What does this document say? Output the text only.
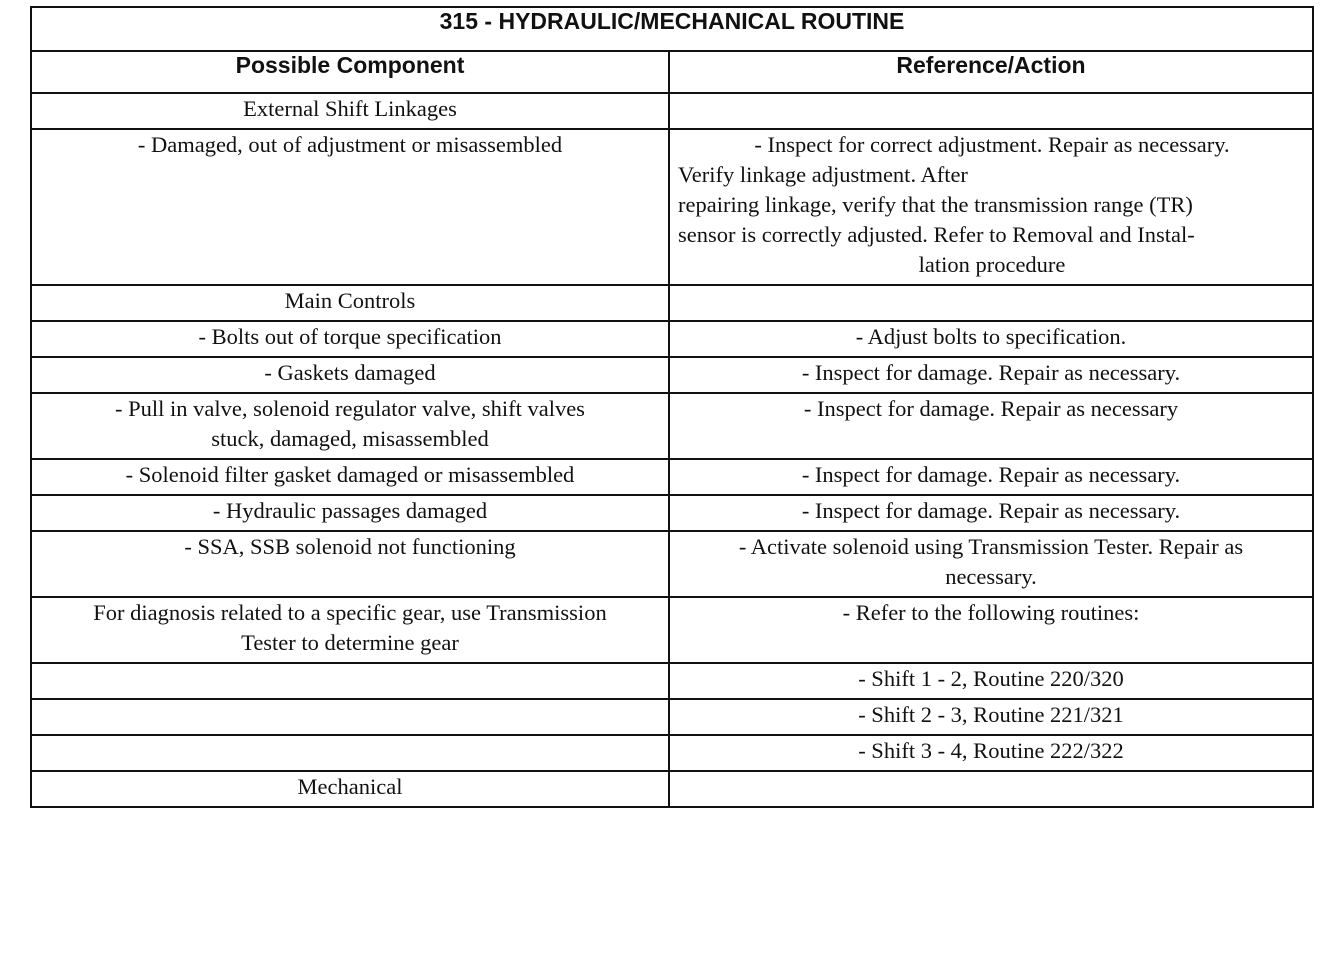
315 - HYDRAULIC/MECHANICAL ROUTINE	
Possible Component	Reference/Action
External Shift Linkages	
- Damaged, out of adjustment or misassembled	- Inspect for correct adjustment. Repair as necessary.
Verify linkage adjustment. After
repairing linkage, verify that the transmission range (TR)
sensor is correctly adjusted. Refer to Removal and Instal-
lation procedure

Main Controls	
- Bolts out of torque specification	- Adjust bolts to specification.
- Gaskets damaged	- Inspect for damage. Repair as necessary.

- Pull in valve, solenoid regulator valve, shift valves
stuck, damaged, misassembled	- Inspect for damage. Repair as necessary
- Solenoid filter gasket damaged or misassembled	- Inspect for damage. Repair as necessary.
- Hydraulic passages damaged	- Inspect for damage. Repair as necessary.
- SSA, SSB solenoid not functioning	- Activate solenoid using Transmission Tester. Repair as
necessary.

For diagnosis related to a specific gear, use Transmission
Tester to determine gear	- Refer to the following routines:
	- Shift 1 - 2, Routine 220/320
	- Shift 2 - 3, Routine 221/321
	- Shift 3 - 4, Routine 222/322
Mechanical	
